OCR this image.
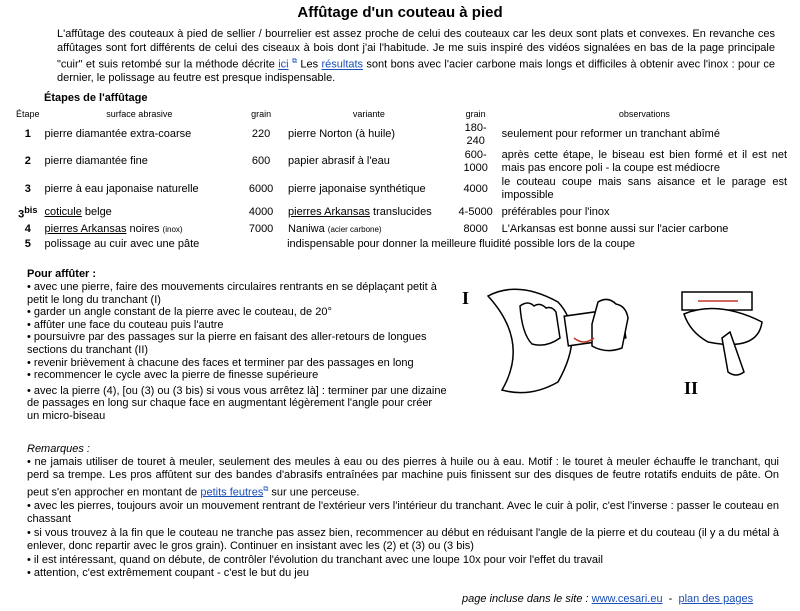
Affûtage d'un couteau à pied
L'affûtage des couteaux à pied de sellier / bourrelier est assez proche de celui des couteaux car les deux sont plats et convexes. En revanche ces affûtages sont fort différents de celui des ciseaux à bois dont j'ai l'habitude. Je me suis inspiré des vidéos signalées en bas de la page principale "cuir" et suis retombé sur la méthode décrite ici ⧉ Les résultats sont bons avec l'acier carbone mais longs et difficiles à obtenir avec l'inox : pour ce dernier, le polissage au feutre est presque indispensable.
Étapes de l'affûtage
Étape	surface abrasive	grain	variante	grain	observations
1	pierre diamantée extra-coarse	220	pierre Norton (à huile)	180-240	seulement pour reformer un tranchant abîmé
2	pierre diamantée fine	600	papier abrasif à l'eau	600-1000	après cette étape, le biseau est bien formé et il est net mais pas encore poli - la coupe est médiocre
3	pierre à eau japonaise naturelle	6000	pierre japonaise synthétique	4000	le couteau coupe mais sans aisance et le parage est impossible
$3^{bis}$	coticule belge	4000	pierres Arkansas translucides	4-5000	préférables pour l'inox
4	pierres Arkansas noires (inox)	7000	Naniwa (acier carbone)	8000	L'Arkansas est bonne aussi sur l'acier carbone
5	polissage au cuir avec une pâte	indispensable pour donner la meilleure fluidité possible lors de la coupe			
Pour affûter :
• avec une pierre, faire des mouvements circulaires rentrants en se déplaçant petit à petit le long du tranchant (I)
• garder un angle constant de la pierre avec le couteau, de 20°
• affûter une face du couteau puis l'autre
• poursuivre par des passages sur la pierre en faisant des aller-retours de longues sections du tranchant (II)
• revenir brièvement à chacune des faces et terminer par des passages en long
• recommencer le cycle avec la pierre de finesse supérieure
• avec la pierre (4), [ou (3) ou (3 bis) si vous vous arrêtez là] : terminer par une dizaine de passages en long sur chaque face en augmentant légèrement l'angle pour créer un micro-biseau
I
II
Remarques :
• ne jamais utiliser de touret à meuler, seulement des meules à eau ou des pierres à huile ou à eau. Motif : le touret à meuler échauffe le tranchant, qui perd sa trempe. Les pros affûtent sur des bandes d'abrasifs entraînées par machine puis finissent sur des disques de feutre rotatifs enduits de pâte. On peut s'en approcher en montant de petits feutres⧉ sur une perceuse.
• avec les pierres, toujours avoir un mouvement rentrant de l'extérieur vers l'intérieur du tranchant. Avec le cuir à polir, c'est l'inverse : passer le couteau en chassant
• si vous trouvez à la fin que le couteau ne tranche pas assez bien, recommencer au début en réduisant l'angle de la pierre et du couteau (il y a du métal à enlever, donc repartir avec le gros grain). Continuer en insistant avec les (2) et (3) ou (3 bis)
• il est intéressant, quand on débute, de contrôler l'évolution du tranchant avec une loupe 10x pour voir l'effet du travail
• attention, c'est extrêmement coupant - c'est le but du jeu
page incluse dans le site : www.cesari.eu  -  plan des pages
